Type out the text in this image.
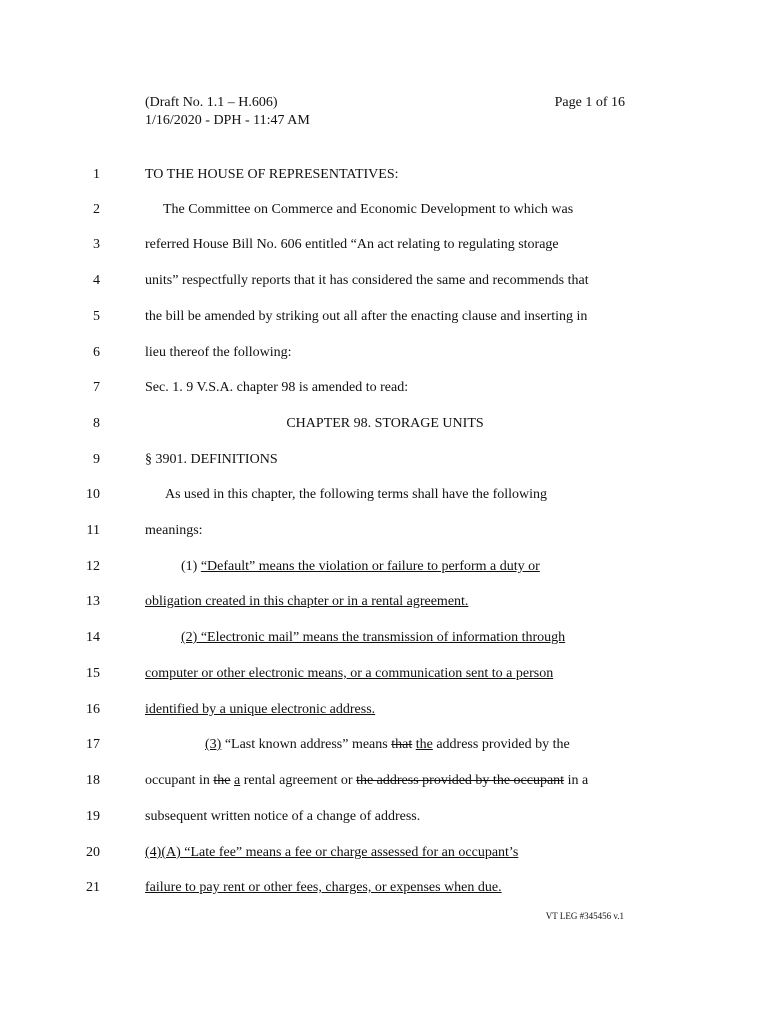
(Draft No. 1.1 – H.606)
1/16/2020 - DPH - 11:47 AM
Page 1 of 16
1	TO THE HOUSE OF REPRESENTATIVES:
2	The Committee on Commerce and Economic Development to which was
3	referred House Bill No. 606 entitled “An act relating to regulating storage
4	units” respectfully reports that it has considered the same and recommends that
5	the bill be amended by striking out all after the enacting clause and inserting in
6	lieu thereof the following:
7	Sec. 1. 9 V.S.A. chapter 98 is amended to read:
8	CHAPTER 98. STORAGE UNITS
9	§ 3901. DEFINITIONS
10	As used in this chapter, the following terms shall have the following
11	meanings:
12	(1) “Default” means the violation or failure to perform a duty or
13	obligation created in this chapter or in a rental agreement.
14	(2) “Electronic mail” means the transmission of information through
15	computer or other electronic means, or a communication sent to a person
16	identified by a unique electronic address.
17	(3) “Last known address” means that the address provided by the
18	occupant in the a rental agreement or the address provided by the occupant in a
19	subsequent written notice of a change of address.
20	(4)(A) “Late fee” means a fee or charge assessed for an occupant’s
21	failure to pay rent or other fees, charges, or expenses when due.
VT LEG #345456 v.1
